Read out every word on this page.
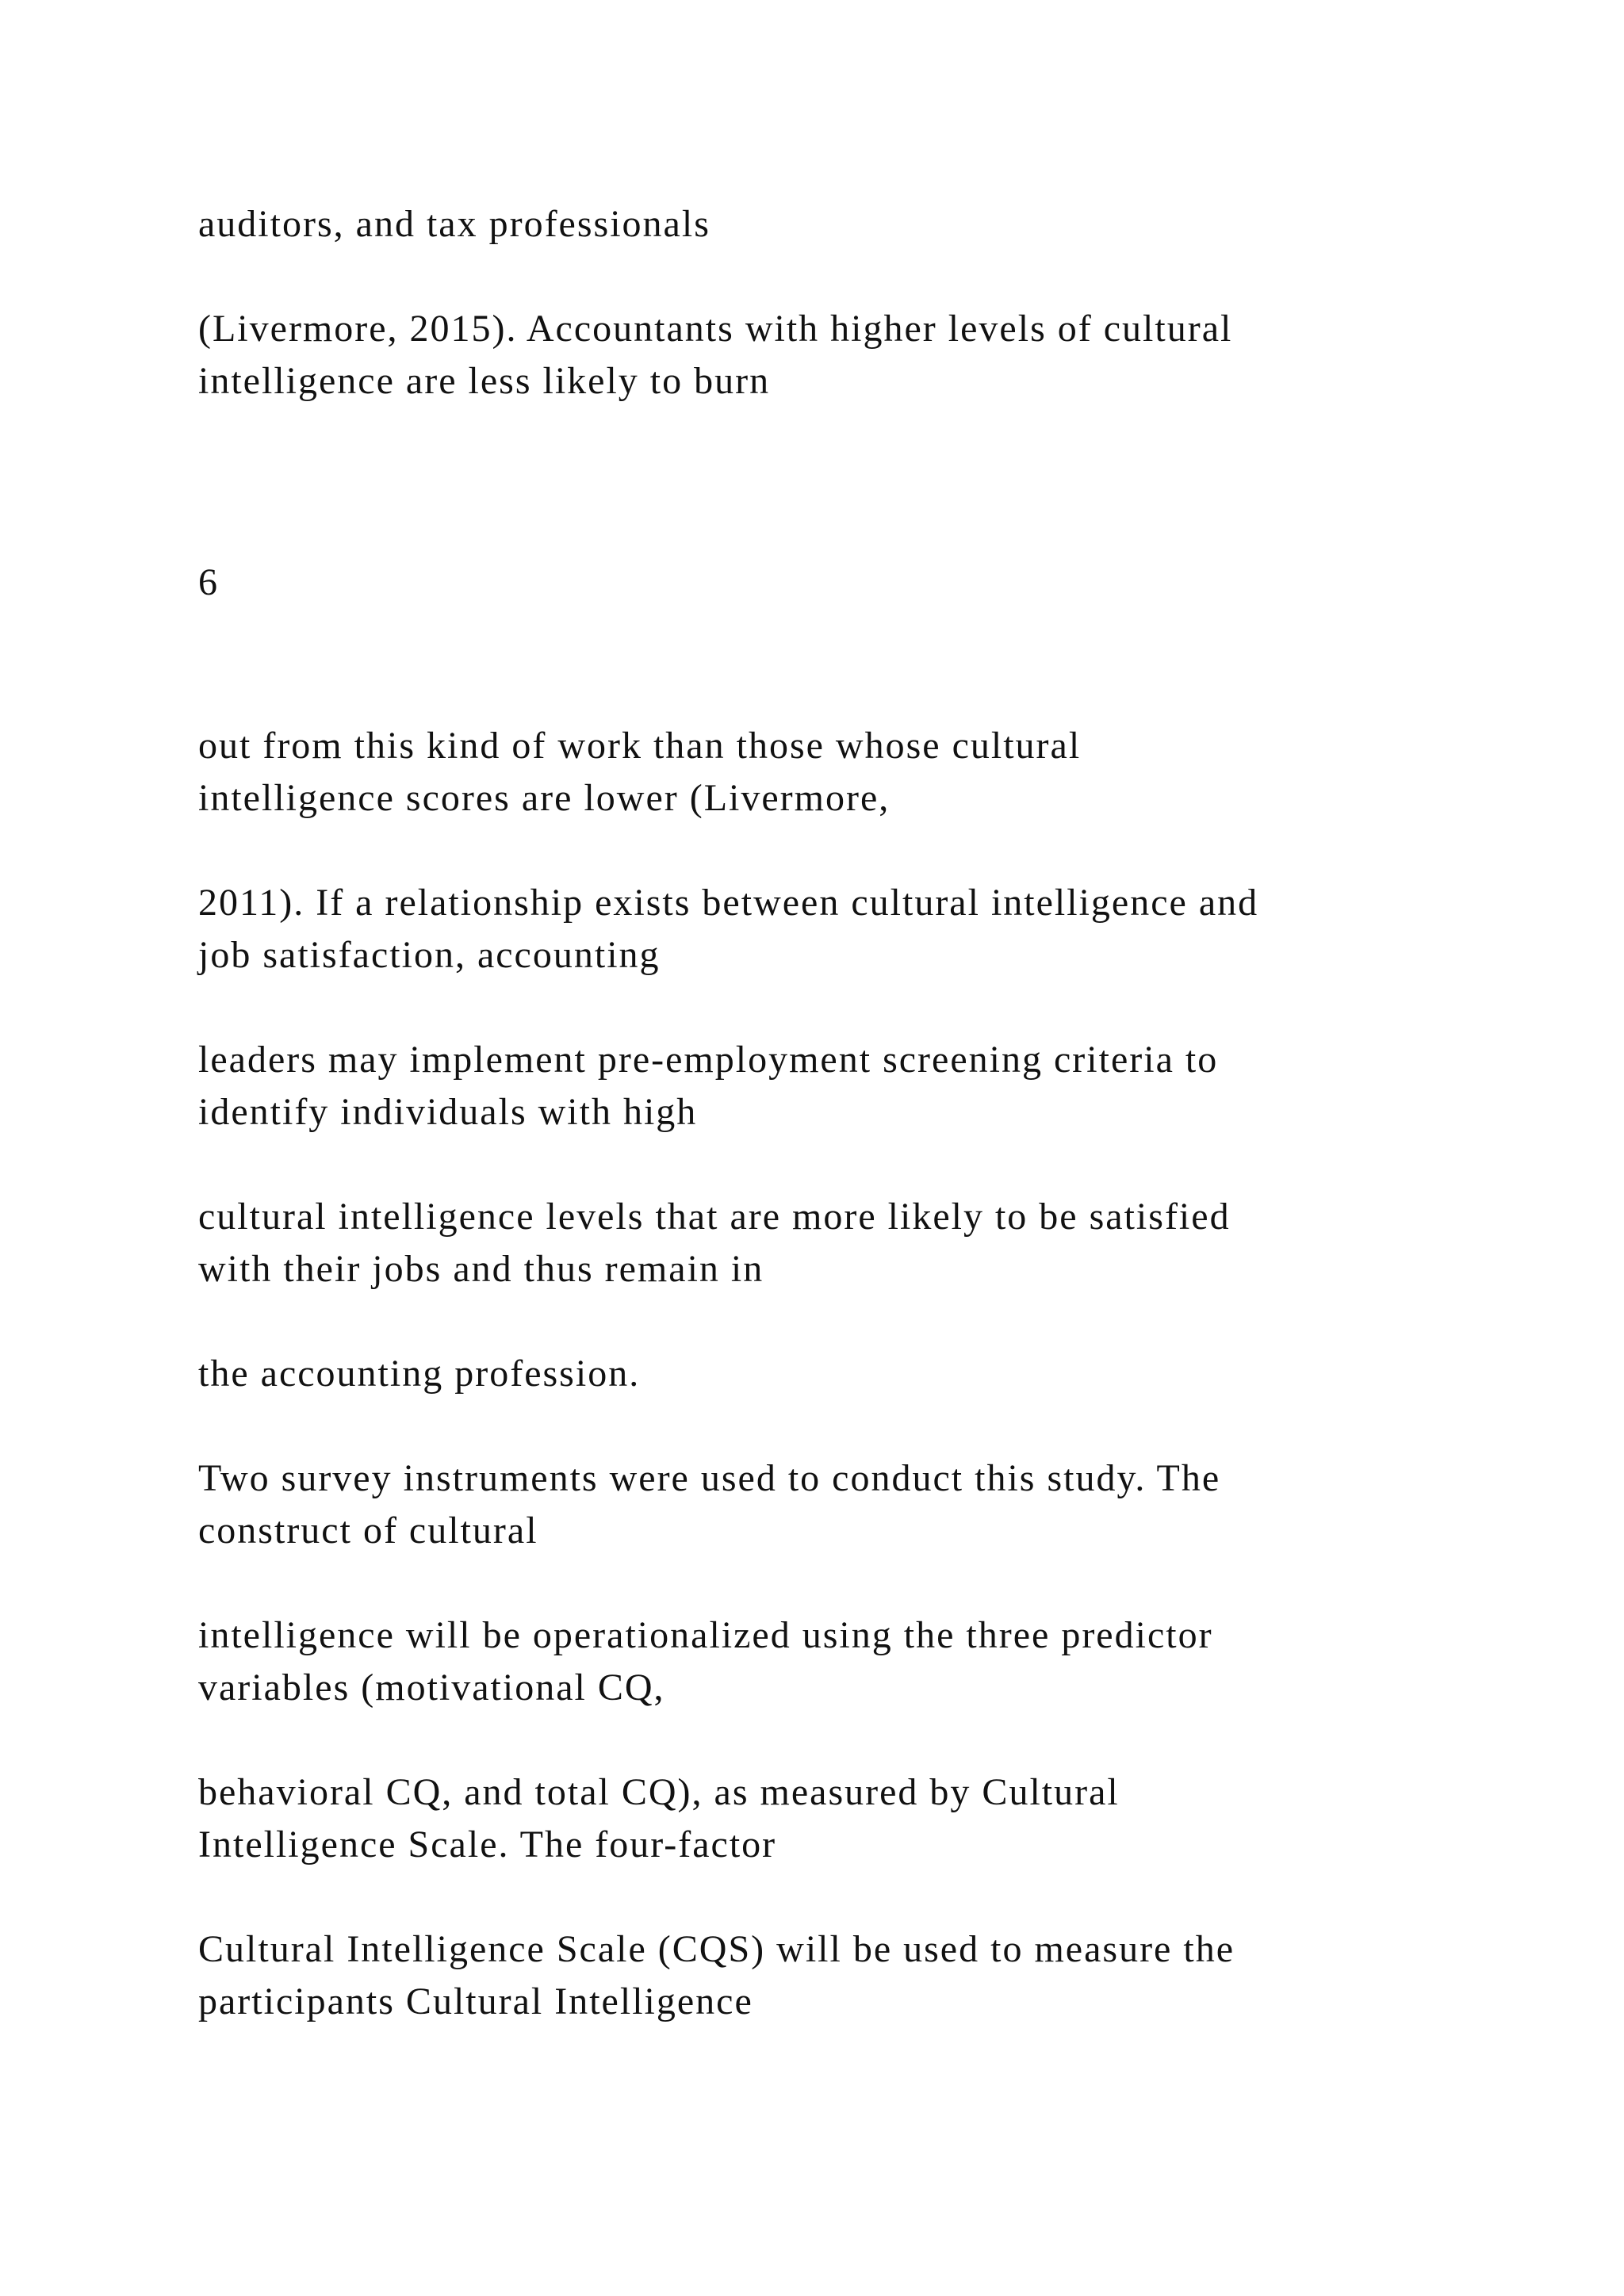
auditors, and tax professionals

(Livermore, 2015). Accountants with higher levels of cultural
intelligence are less likely to burn

6

out from this kind of work than those whose cultural
intelligence scores are lower (Livermore,

2011). If a relationship exists between cultural intelligence and
job satisfaction, accounting

leaders may implement pre-employment screening criteria to
identify individuals with high

cultural intelligence levels that are more likely to be satisfied
with their jobs and thus remain in

the accounting profession.

Two survey instruments were used to conduct this study. The
construct of cultural

intelligence will be operationalized using the three predictor
variables (motivational CQ,

behavioral CQ, and total CQ), as measured by Cultural
Intelligence Scale. The four-factor

Cultural Intelligence Scale (CQS) will be used to measure the
participants Cultural Intelligence
